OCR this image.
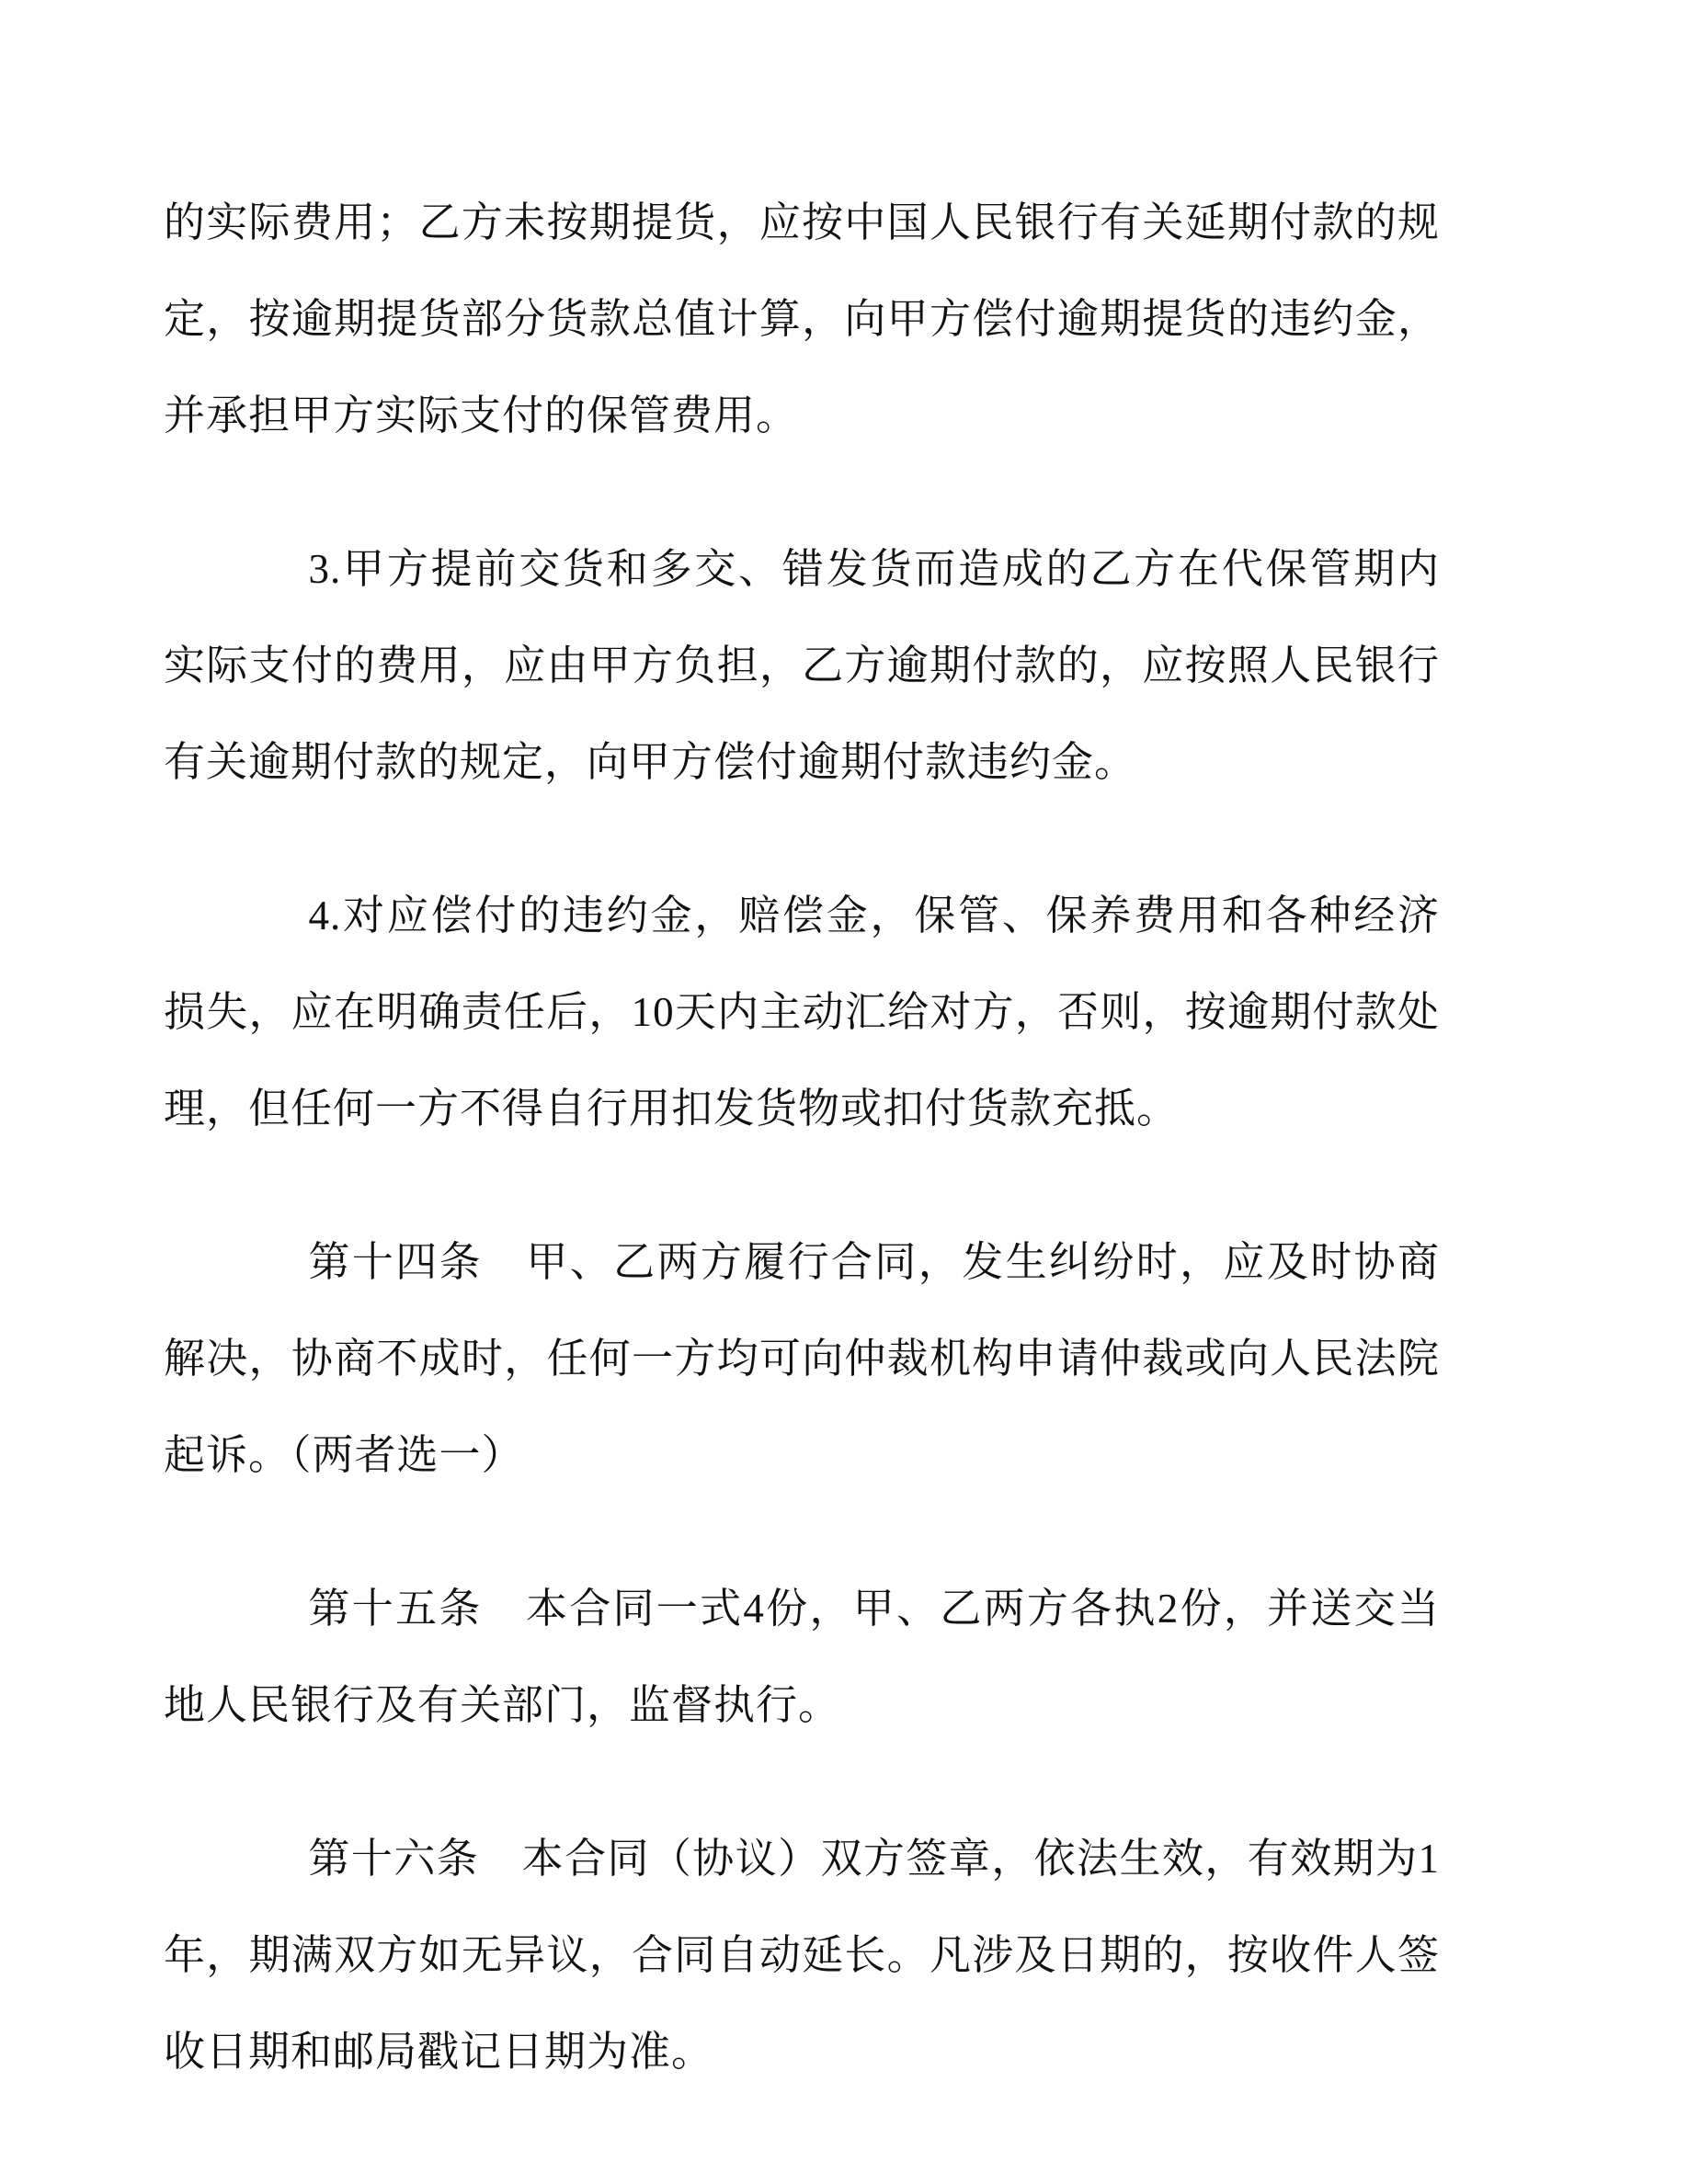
的实际费用；乙方未按期提货，应按中国人民银行有关延期付款的规定，按逾期提货部分货款总值计算，向甲方偿付逾期提货的违约金，并承担甲方实际支付的保管费用。

3.甲方提前交货和多交、错发货而造成的乙方在代保管期内实际支付的费用，应由甲方负担，乙方逾期付款的，应按照人民银行有关逾期付款的规定，向甲方偿付逾期付款违约金。

4.对应偿付的违约金，赔偿金，保管、保养费用和各种经济损失，应在明确责任后，10天内主动汇给对方，否则，按逾期付款处理，但任何一方不得自行用扣发货物或扣付货款充抵。

第十四条　甲、乙两方履行合同，发生纠纷时，应及时协商解决，协商不成时，任何一方均可向仲裁机构申请仲裁或向人民法院起诉。（两者选一）

第十五条　本合同一式4份，甲、乙两方各执2份，并送交当地人民银行及有关部门，监督执行。

第十六条　本合同（协议）双方签章，依法生效，有效期为1年，期满双方如无异议，合同自动延长。凡涉及日期的，按收件人签收日期和邮局戳记日期为准。
